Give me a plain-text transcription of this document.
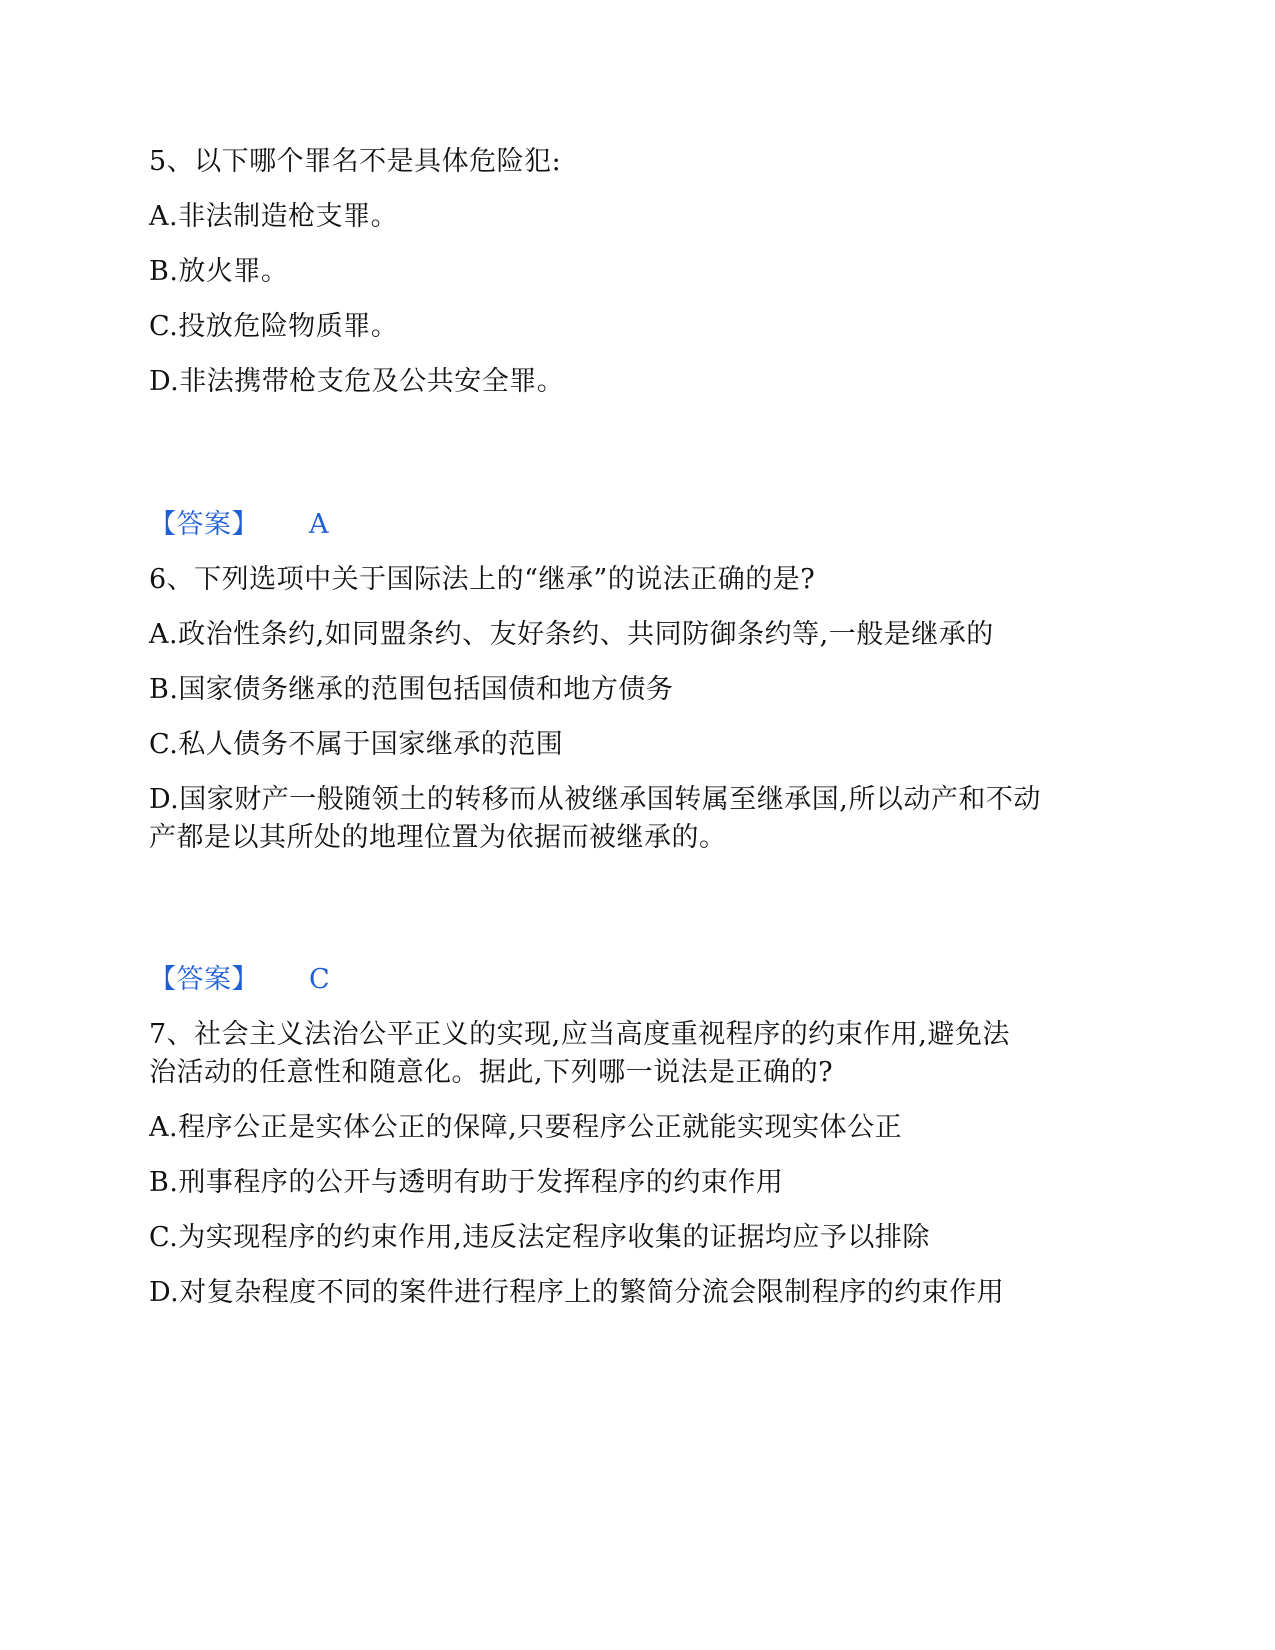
5、以下哪个罪名不是具体危险犯:
A.非法制造枪支罪。
B.放火罪。
C.投放危险物质罪。
D.非法携带枪支危及公共安全罪。
【答案】 A
6、下列选项中关于国际法上的“继承”的说法正确的是?
A.政治性条约,如同盟条约、友好条约、共同防御条约等,一般是继承的
B.国家债务继承的范围包括国债和地方债务
C.私人债务不属于国家继承的范围
D.国家财产一般随领土的转移而从被继承国转属至继承国,所以动产和不动
产都是以其所处的地理位置为依据而被继承的。
【答案】 C
7、社会主义法治公平正义的实现,应当高度重视程序的约束作用,避免法
治活动的任意性和随意化。据此,下列哪一说法是正确的?
A.程序公正是实体公正的保障,只要程序公正就能实现实体公正
B.刑事程序的公开与透明有助于发挥程序的约束作用
C.为实现程序的约束作用,违反法定程序收集的证据均应予以排除
D.对复杂程度不同的案件进行程序上的繁简分流会限制程序的约束作用
